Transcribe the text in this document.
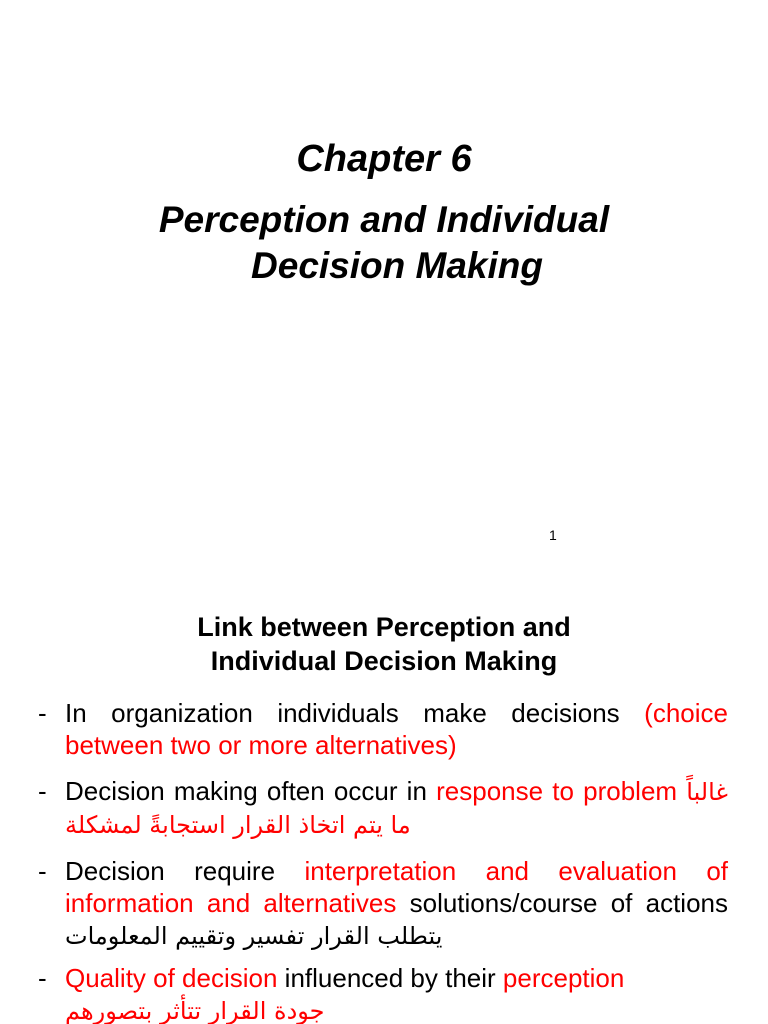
Chapter 6
Perception and Individual
Decision Making
1
Link between Perception and
Individual Decision Making
- In organization individuals make decisions (choice between two or more alternatives)
- Decision making often occur in response to problem غالباً ما يتم اتخاذ القرار استجابةً لمشكلة
- Decision require interpretation and evaluation of information and alternatives solutions/course of actions يتطلب القرار تفسير وتقييم المعلومات
- Quality of decision influenced by their perception
جودة القرار تتأثر بتصورهم
